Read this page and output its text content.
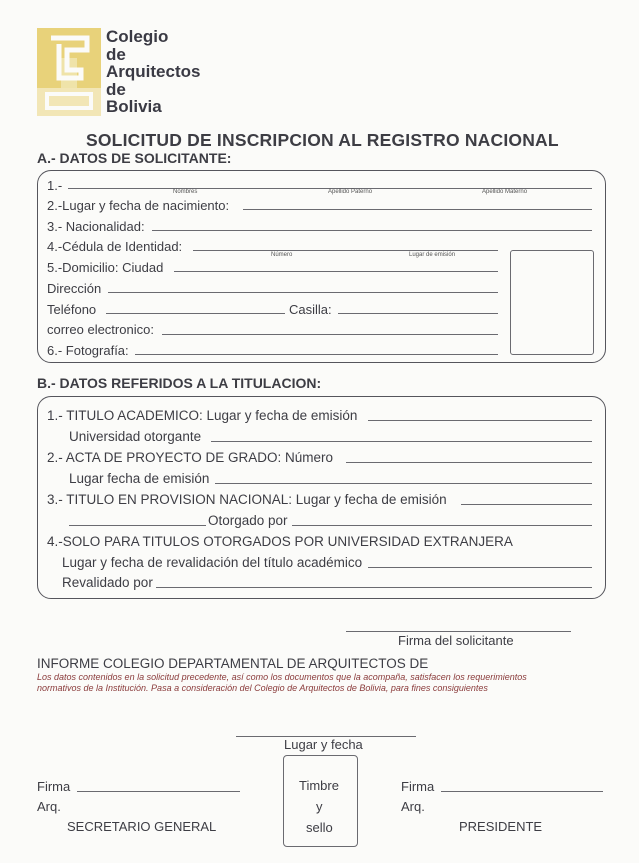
Colegio
de
Arquitectos
de
Bolivia
SOLICITUD DE INSCRIPCION AL REGISTRO NACIONAL
A.- DATOS DE SOLICITANTE:
1.-	Nombres	Apellido Paterno	Apellido Materno
2.-Lugar y fecha de nacimiento:
3.- Nacionalidad:
4.-Cédula de Identidad:
Número	Lugar de emisión
5.-Domicilio: Ciudad
Dirección
Teléfono	Casilla:
correo electronico:
6.- Fotografía:
B.- DATOS REFERIDOS A LA TITULACION:
1.- TITULO ACADEMICO: Lugar y fecha de emisión
Universidad otorgante
2.- ACTA DE PROYECTO DE GRADO: Número
Lugar fecha de emisión
3.- TITULO EN PROVISION NACIONAL: Lugar y fecha de emisión
Otorgado por
4.-SOLO PARA TITULOS OTORGADOS POR UNIVERSIDAD EXTRANJERA
Lugar y fecha de revalidación del título académico
Revalidado por
Firma del solicitante
INFORME COLEGIO DEPARTAMENTAL DE ARQUITECTOS DE
Los datos contenidos en la solicitud precedente, así como los documentos que la acompaña, satisfacen los requerimientos
normativos de la Institución. Pasa a consideración del Colegio de Arquitectos de Bolivia, para fines consiguientes
Lugar y fecha
Firma
Arq.
SECRETARIO GENERAL
Timbre
y
sello
Firma
Arq.
PRESIDENTE
